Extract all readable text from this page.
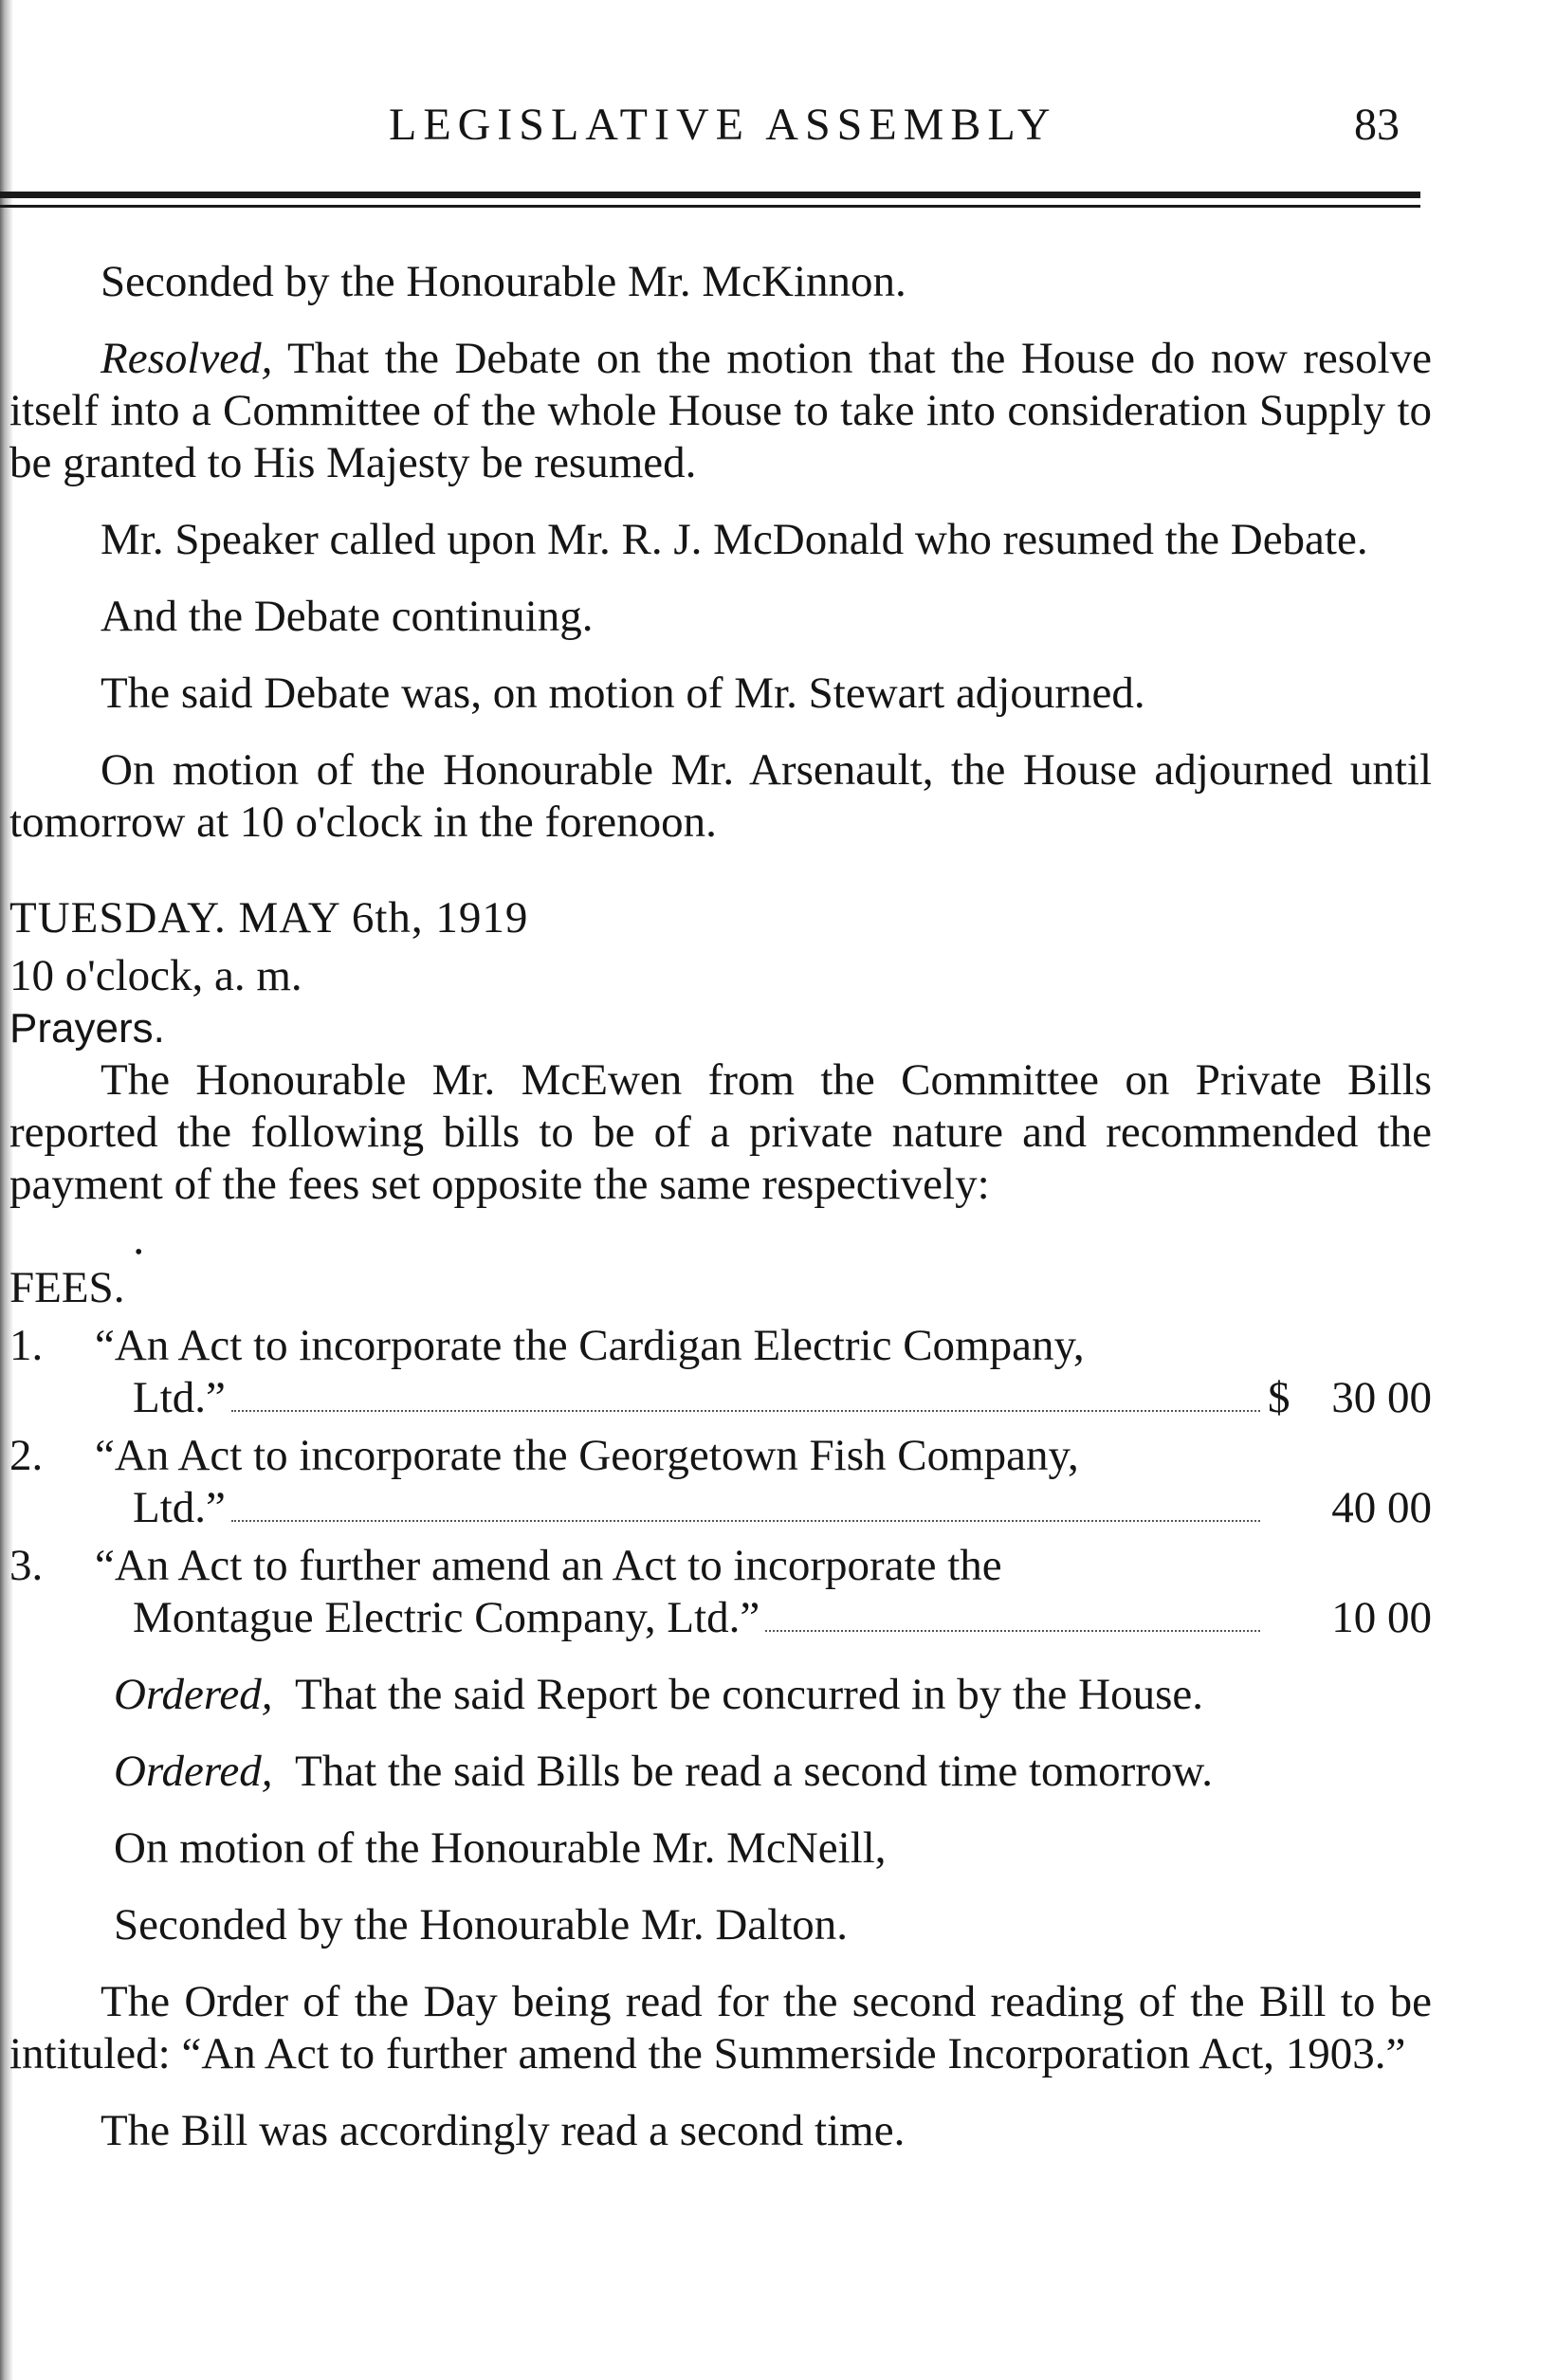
LEGISLATIVE ASSEMBLY	83

Seconded by the Honourable Mr. McKinnon.

Resolved, That the Debate on the motion that the House do now resolve itself into a Committee of the whole House to take into consideration Supply to be granted to His Majesty be resumed.

Mr. Speaker called upon Mr. R. J. McDonald who resumed the Debate.

And the Debate continuing.

The said Debate was, on motion of Mr. Stewart adjourned.

On motion of the Honourable Mr. Arsenault, the House adjourned until tomorrow at 10 o'clock in the forenoon.

TUESDAY. MAY 6th, 1919

10 o'clock, a. m.

Prayers.

The Honourable Mr. McEwen from the Committee on Private Bills reported the following bills to be of a private nature and recommended the payment of the fees set opposite the same respectively:

•

FEES.

1.	“An Act to incorporate the Cardigan Electric Company,
Ltd.”	$ 30 00
2.	“An Act to incorporate the Georgetown Fish Company,
Ltd.”	40 00
3.	“An Act to further amend an Act to incorporate the
Montague Electric Company, Ltd.”	10 00

Ordered, That the said Report be concurred in by the House.

Ordered, That the said Bills be read a second time tomorrow.

On motion of the Honourable Mr. McNeill,

Seconded by the Honourable Mr. Dalton.

The Order of the Day being read for the second reading of the Bill to be intituled: “An Act to further amend the Summerside Incorporation Act, 1903.”

The Bill was accordingly read a second time.
